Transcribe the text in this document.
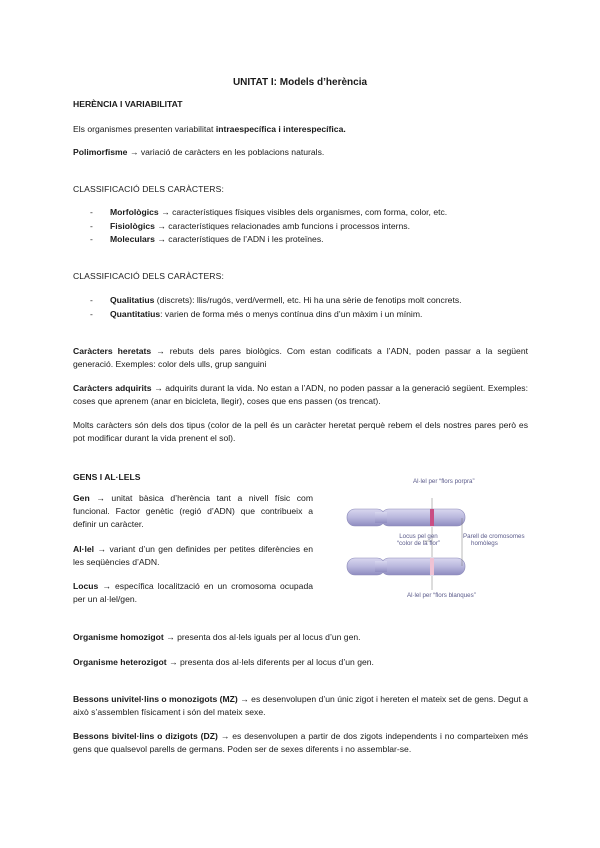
UNITAT I: Models d’herència
HERÈNCIA I VARIABILITAT
Els organismes presenten variabilitat intraespecífica i interespecífica.
Polimorfisme → variació de caràcters en les poblacions naturals.
CLASSIFICACIÓ DELS CARÀCTERS:
- Morfològics → característiques físiques visibles dels organismes, com forma, color, etc.
- Fisiològics → característiques relacionades amb funcions i processos interns.
- Moleculars → característiques de l’ADN i les proteïnes.
CLASSIFICACIÓ DELS CARÀCTERS:
- Qualitatius (discrets): llis/rugós, verd/vermell, etc. Hi ha una sèrie de fenotips molt concrets.
- Quantitatius: varien de forma més o menys contínua dins d’un màxim i un mínim.
Caràcters heretats → rebuts dels pares biològics. Com estan codificats a l’ADN, poden passar a la següent generació. Exemples: color dels ulls, grup sanguini
Caràcters adquirits → adquirits durant la vida. No estan a l’ADN, no poden passar a la generació següent. Exemples: coses que aprenem (anar en bicicleta, llegir), coses que ens passen (os trencat).
Molts caràcters són dels dos tipus (color de la pell és un caràcter heretat perquè rebem el dels nostres pares però es pot modificar durant la vida prenent el sol).
GENS I AL·LELS
Gen → unitat bàsica d’herència tant a nivell físic com funcional. Factor genètic (regió d’ADN) que contribueix a definir un caràcter.
Al·lel → variant d’un gen definides per petites diferències en les seqüències d’ADN.
Locus → específica localització en un cromosoma ocupada per un al·lel/gen.
Al·lel per “flors porpra”
Locus pel gen
“color de la flor”
Parell de cromosomes
homòlegs
Al·lel per “flors blanques”
Organisme homozigot → presenta dos al·lels iguals per al locus d’un gen.
Organisme heterozigot → presenta dos al·lels diferents per al locus d’un gen.
Bessons univitel·lins o monozigots (MZ) → es desenvolupen d’un únic zigot i hereten el mateix set de gens. Degut a això s’assemblen físicament i són del mateix sexe.
Bessons bivitel·lins o dizigots (DZ) → es desenvolupen a partir de dos zigots independents i no comparteixen més gens que qualsevol parells de germans. Poden ser de sexes diferents i no assemblar-se.
